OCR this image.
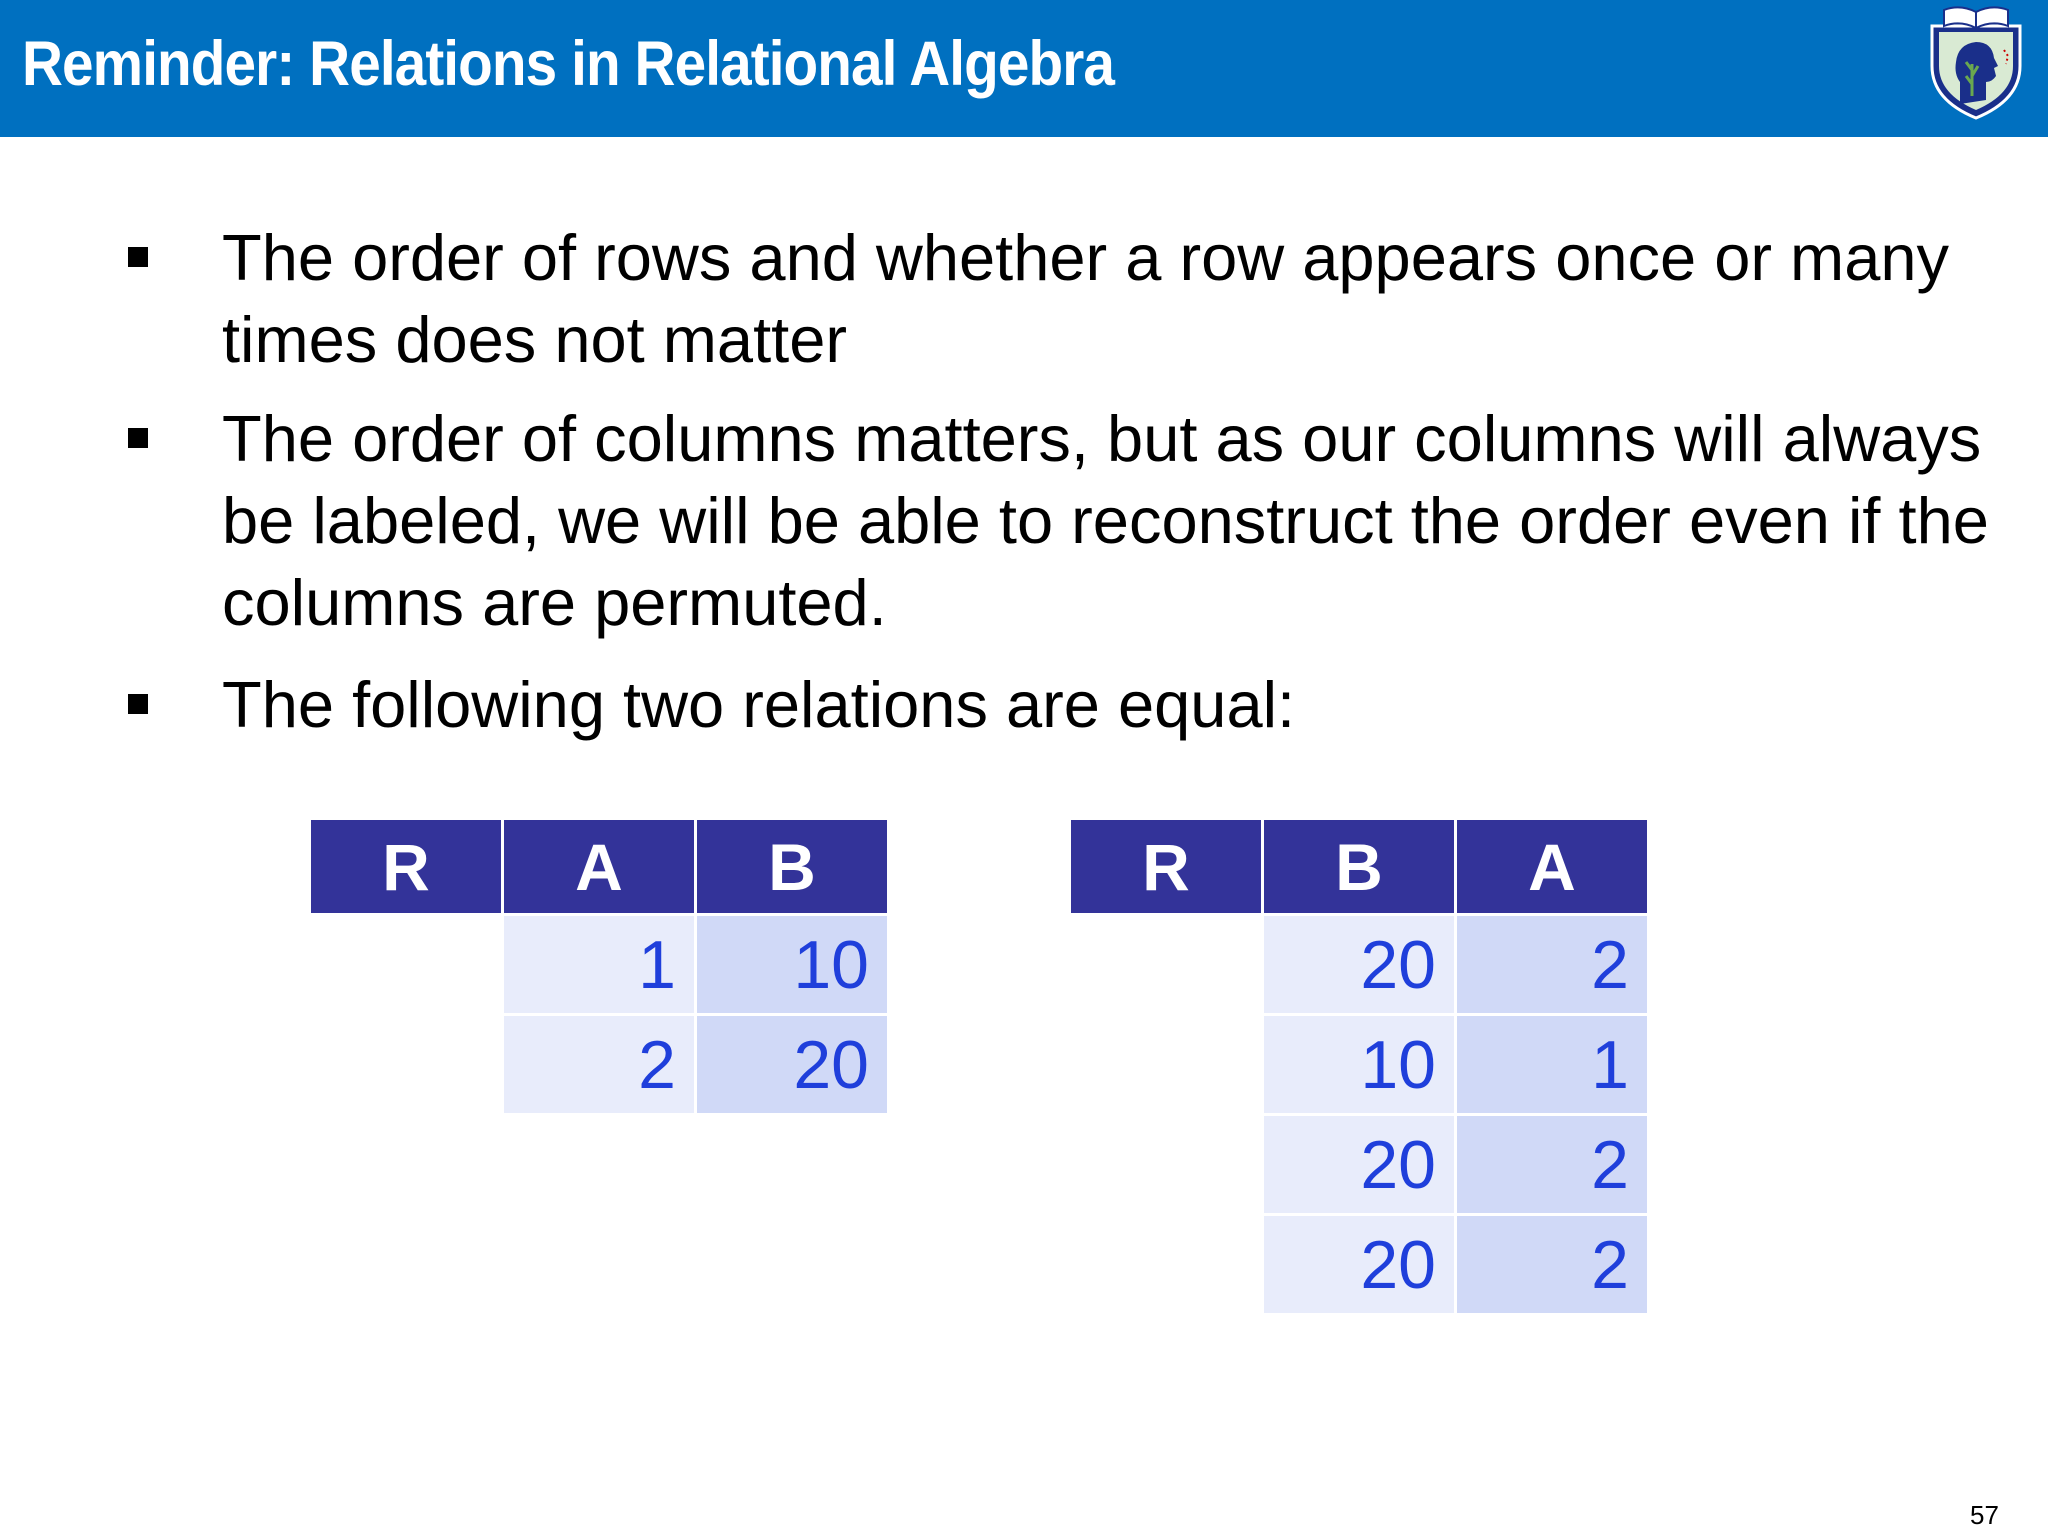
Reminder: Relations in Relational Algebra
The order of rows and whether a row appears once or many times does not matter
The order of columns matters, but as our columns will always be labeled, we will be able to reconstruct the order even if the columns are permuted.
The following two relations are equal:
R	A	B
	1	10
	2	20
R	B	A
	20	2
	10	1
	20	2
	20	2
57
